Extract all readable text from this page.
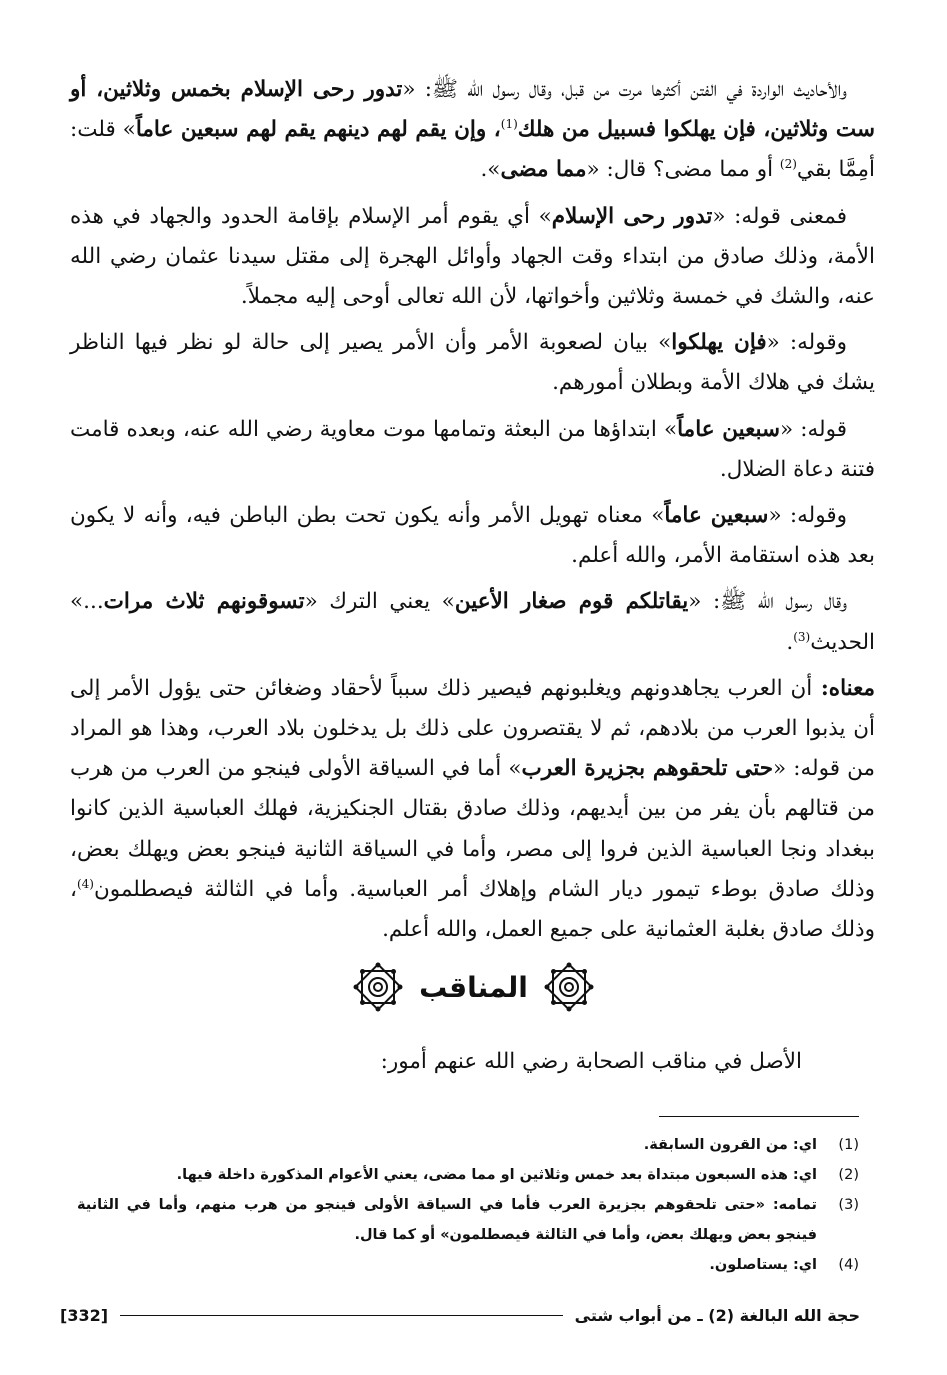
والأحاديث الواردة في الفتن أكثرها مرت من قبل، وقال رسول الله ﷺ: «تدور رحى الإسلام بخمس وثلاثين، أو ست وثلاثين، فإن يهلكوا فسبيل من هلك$^{(1)}$، وإن يقم لهم دينهم يقم لهم سبعين عاماً» قلت: أمِمَّا بقي$^{(2)}$ أو مما مضى؟ قال: «مما مضى».

فمعنى قوله: «تدور رحى الإسلام» أي يقوم أمر الإسلام بإقامة الحدود والجهاد في هذه الأمة، وذلك صادق من ابتداء وقت الجهاد وأوائل الهجرة إلى مقتل سيدنا عثمان رضي الله عنه، والشك في خمسة وثلاثين وأخواتها، لأن الله تعالى أوحى إليه مجملاً.

وقوله: «فإن يهلكوا» بيان لصعوبة الأمر وأن الأمر يصير إلى حالة لو نظر فيها الناظر يشك في هلاك الأمة وبطلان أمورهم.

قوله: «سبعين عاماً» ابتداؤها من البعثة وتمامها موت معاوية رضي الله عنه، وبعده قامت فتنة دعاة الضلال.

وقوله: «سبعين عاماً» معناه تهويل الأمر وأنه يكون تحت بطن الباطن فيه، وأنه لا يكون بعد هذه استقامة الأمر، والله أعلم.

وقال رسول الله ﷺ: «يقاتلكم قوم صغار الأعين» يعني الترك «تسوقونهم ثلاث مرات...» الحديث$^{(3)}$.

معناه: أن العرب يجاهدونهم ويغلبونهم فيصير ذلك سبباً لأحقاد وضغائن حتى يؤول الأمر إلى أن يذبوا العرب من بلادهم، ثم لا يقتصرون على ذلك بل يدخلون بلاد العرب، وهذا هو المراد من قوله: «حتى تلحقوهم بجزيرة العرب» أما في السياقة الأولى فينجو من العرب من هرب من قتالهم بأن يفر من بين أيديهم، وذلك صادق بقتال الجنكيزية، فهلك العباسية الذين كانوا ببغداد ونجا العباسية الذين فروا إلى مصر، وأما في السياقة الثانية فينجو بعض ويهلك بعض، وذلك صادق بوطء تيمور ديار الشام وإهلاك أمر العباسية. وأما في الثالثة فيصطلمون$^{(4)}$، وذلك صادق بغلبة العثمانية على جميع العمل، والله أعلم.

المناقب

الأصل في مناقب الصحابة رضي الله عنهم أمور:

(1)
اي: من القرون السابقة.
(2)
اي: هذه السبعون مبتداة بعد خمس وثلاثين او مما مضى، يعني الأعوام المذكورة داخلة فيها.
(3)
تمامه: «حتى تلحقوهم بجزيرة العرب فأما في السياقة الأولى فينجو من هرب منهم، وأما في الثانية فينجو بعض ويهلك بعض، وأما في الثالثة فيصطلمون» أو كما قال.
(4)
اي: يستاصلون.
[332]	حجة الله البالغة (2) ـ من أبواب شتى
